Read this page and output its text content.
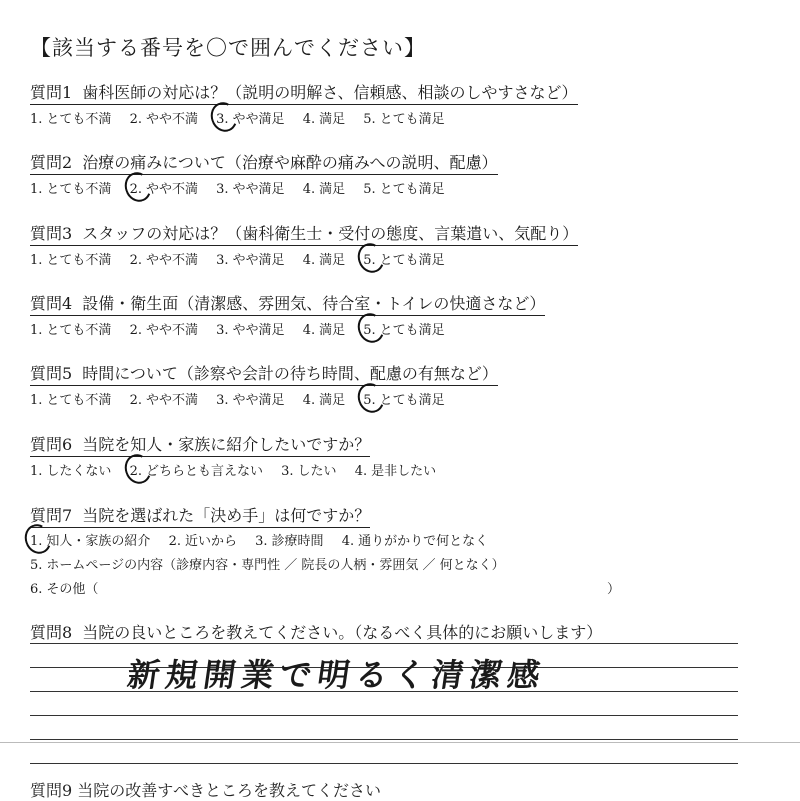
【該当する番号を〇で囲んでください】
質問1 歯科医師の対応は？（説明の明解さ、信頼感、相談のしやすさなど）
1. とても不満 2. やや不満 3. やや満足 4. 満足 5. とても満足
質問2 治療の痛みについて（治療や麻酔の痛みへの説明、配慮）
1. とても不満 2. やや不満 3. やや満足 4. 満足 5. とても満足
質問3 スタッフの対応は？（歯科衛生士・受付の態度、言葉遣い、気配り）
1. とても不満 2. やや不満 3. やや満足 4. 満足 5. とても満足
質問4 設備・衛生面（清潔感、雰囲気、待合室・トイレの快適さなど）
1. とても不満 2. やや不満 3. やや満足 4. 満足 5. とても満足
質問5 時間について（診察や会計の待ち時間、配慮の有無など）
1. とても不満 2. やや不満 3. やや満足 4. 満足 5. とても満足
質問6 当院を知人・家族に紹介したいですか？
1. したくない 2. どちらとも言えない 3. したい 4. 是非したい
質問7 当院を選ばれた「決め手」は何ですか？
1. 知人・家族の紹介 2. 近いから 3. 診療時間 4. 通りがかりで何となく
5. ホームページの内容（診療内容・専門性 ／ 院長の人柄・雰囲気 ／ 何となく）
6. その他（	）
質問8 当院の良いところを教えてください。（なるべく具体的にお願いします）
新規開業で明るく清潔感
質問9 当院の改善すべきところを教えてください
